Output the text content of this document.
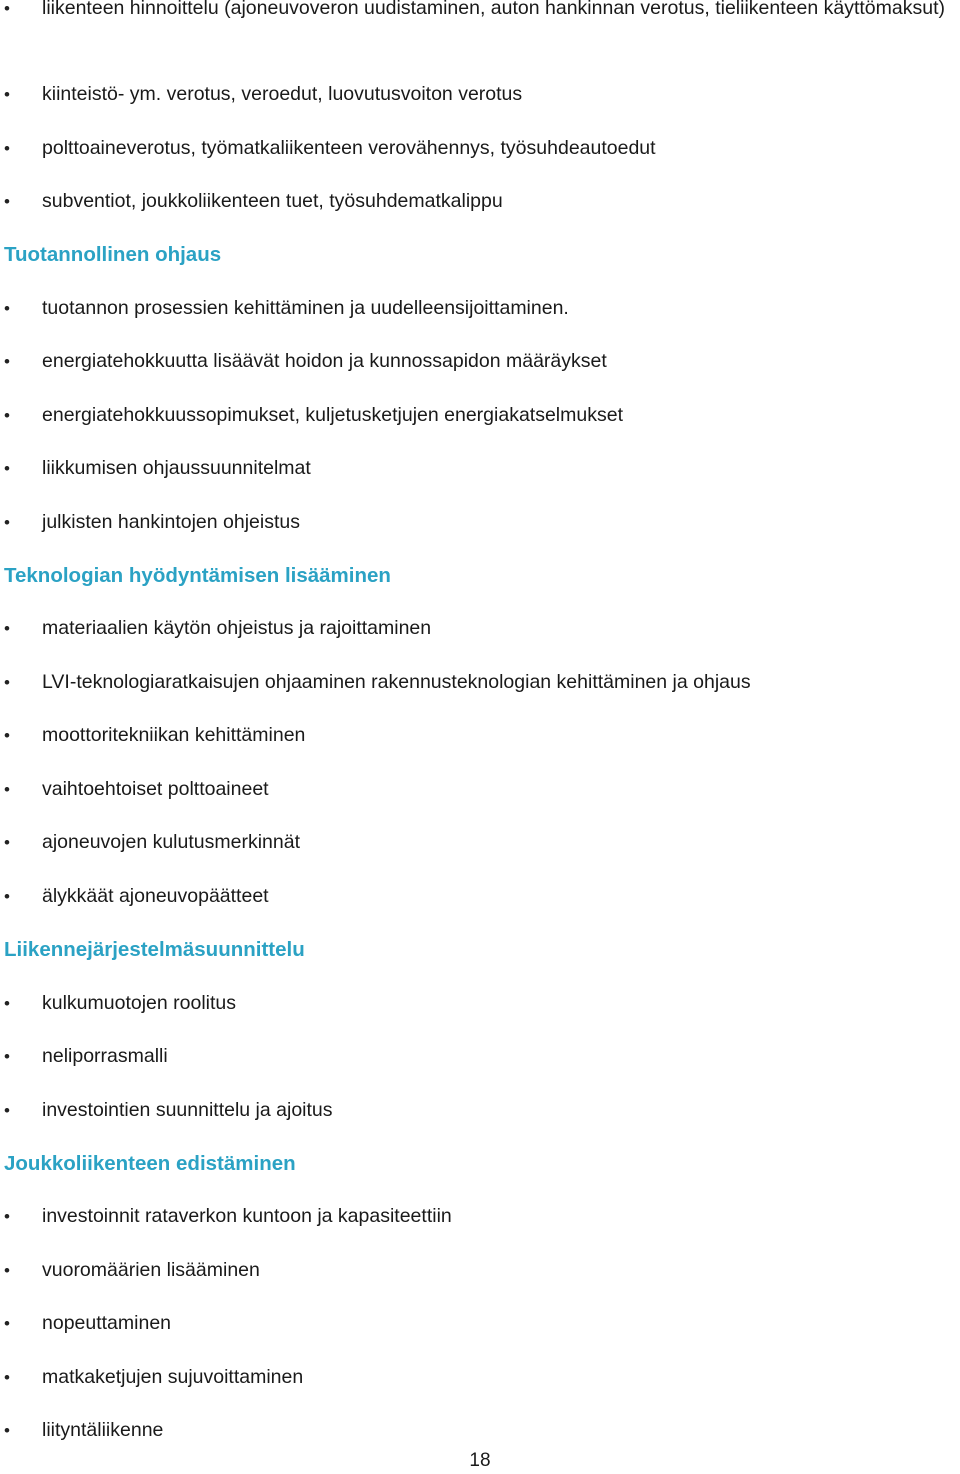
• liikenteen hinnoittelu (ajoneuvoveron uudistaminen, auton hankinnan verotus, tieliikenteen käyttömaksut)
• kiinteistö- ym. verotus, veroedut, luovutusvoiton verotus
• polttoaineverotus, työmatkaliikenteen verovähennys, työsuhdeautoedut
• subventiot, joukkoliikenteen tuet, työsuhdematkalippu
Tuotannollinen ohjaus
• tuotannon prosessien kehittäminen ja uudelleensijoittaminen.
• energiatehokkuutta lisäävät hoidon ja kunnossapidon määräykset
• energiatehokkuussopimukset, kuljetusketjujen energiakatselmukset
• liikkumisen ohjaussuunnitelmat
• julkisten hankintojen ohjeistus
Teknologian hyödyntämisen lisääminen
• materiaalien käytön ohjeistus ja rajoittaminen
• LVI-teknologiaratkaisujen ohjaaminen rakennusteknologian kehittäminen ja ohjaus
• moottoritekniikan kehittäminen
• vaihtoehtoiset polttoaineet
• ajoneuvojen kulutusmerkinnät
• älykkäät ajoneuvopäätteet
Liikennejärjestelmäsuunnittelu
• kulkumuotojen roolitus
• neliporrasmalli
• investointien suunnittelu ja ajoitus
Joukkoliikenteen edistäminen
• investoinnit rataverkon kuntoon ja kapasiteettiin
• vuoromäärien lisääminen
• nopeuttaminen
• matkaketjujen sujuvoittaminen
• liityntäliikenne
18
